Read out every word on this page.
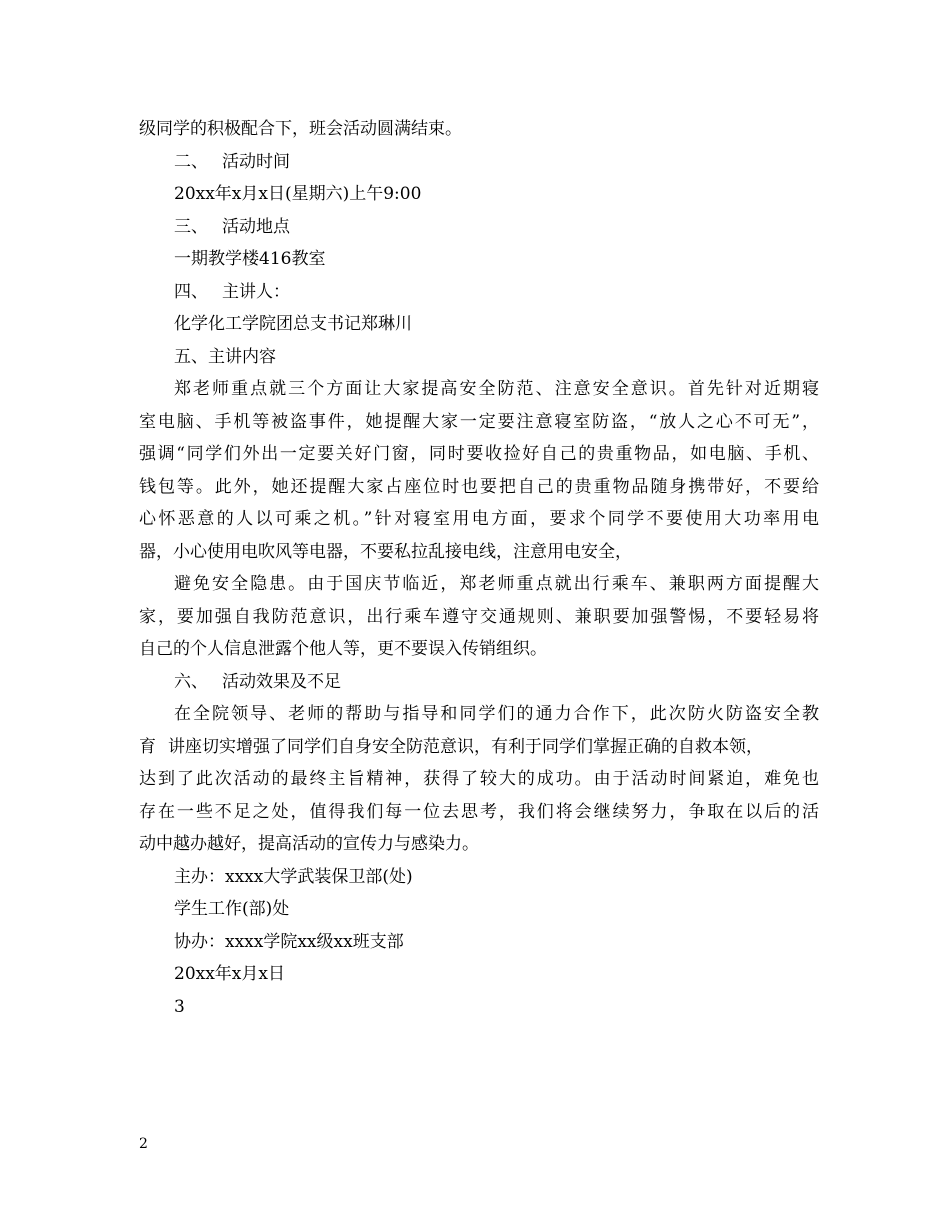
级同学的积极配合下，班会活动圆满结束。
二、 活动时间
20xx年x月x日(星期六)上午9:00
三、 活动地点
一期教学楼416教室
四、 主讲人：
化学化工学院团总支书记郑琳川
五、主讲内容
郑老师重点就三个方面让大家提高安全防范、注意安全意识。首先针对近期寝
室电脑、手机等被盗事件，她提醒大家一定要注意寝室防盗，“放人之心不可无”，
强调“同学们外出一定要关好门窗，同时要收捡好自己的贵重物品，如电脑、手机、
钱包等。此外，她还提醒大家占座位时也要把自己的贵重物品随身携带好，不要给
心怀恶意的人以可乘之机。”针对寝室用电方面，要求个同学不要使用大功率用电
器，小心使用电吹风等电器，不要私拉乱接电线，注意用电安全，
避免安全隐患。由于国庆节临近，郑老师重点就出行乘车、兼职两方面提醒大
家，要加强自我防范意识，出行乘车遵守交通规则、兼职要加强警惕，不要轻易将
自己的个人信息泄露个他人等，更不要误入传销组织。
六、 活动效果及不足
在全院领导、老师的帮助与指导和同学们的通力合作下，此次防火防盗安全教
育 讲座切实增强了同学们自身安全防范意识，有利于同学们掌握正确的自救本领，
达到了此次活动的最终主旨精神，获得了较大的成功。由于活动时间紧迫，难免也
存在一些不足之处，值得我们每一位去思考，我们将会继续努力，争取在以后的活
动中越办越好，提高活动的宣传力与感染力。
主办：xxxx大学武装保卫部(处)
学生工作(部)处
协办：xxxx学院xx级xx班支部
20xx年x月x日
3
2
